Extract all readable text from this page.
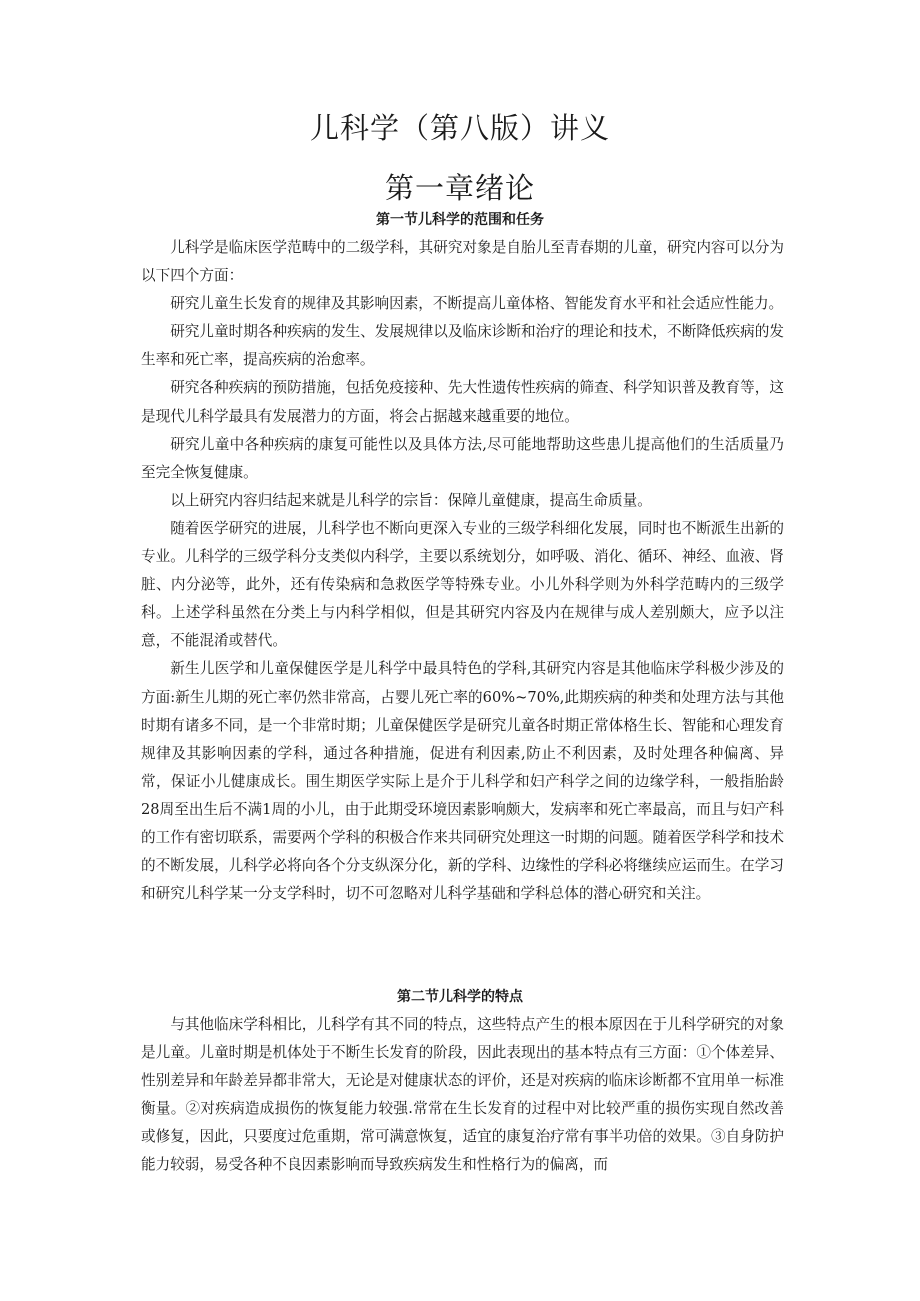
儿科学（第八版）讲义
第一章绪论
第一节儿科学的范围和任务

儿科学是临床医学范畴中的二级学科，其研究对象是自胎儿至青春期的儿童，研究内容可以分为以下四个方面：

研究儿童生长发育的规律及其影响因素，不断提高儿童体格、智能发育水平和社会适应性能力。

研究儿童时期各种疾病的发生、发展规律以及临床诊断和治疗的理论和技术，不断降低疾病的发生率和死亡率，提高疾病的治愈率。

研究各种疾病的预防措施，包括免疫接种、先大性遗传性疾病的筛查、科学知识普及教育等，这是现代儿科学最具有发展潜力的方面，将会占据越来越重要的地位。

研究儿童中各种疾病的康复可能性以及具体方法,尽可能地帮助这些患儿提高他们的生活质量乃至完全恢复健康。

以上研究内容归结起来就是儿科学的宗旨：保障儿童健康，提高生命质量。

随着医学研究的进展，儿科学也不断向更深入专业的三级学科细化发展，同时也不断派生出新的专业。儿科学的三级学科分支类似内科学，主要以系统划分，如呼吸、消化、循环、神经、血液、肾脏、内分泌等，此外，还有传染病和急救医学等特殊专业。小儿外科学则为外科学范畴内的三级学科。上述学科虽然在分类上与内科学相似，但是其研究内容及内在规律与成人差别颇大，应予以注意，不能混淆或替代。

新生儿医学和儿童保健医学是儿科学中最具特色的学科,其研究内容是其他临床学科极少涉及的方面:新生儿期的死亡率仍然非常高，占婴儿死亡率的60%~70%,此期疾病的种类和处理方法与其他时期有诸多不同，是一个非常时期；儿童保健医学是研究儿童各时期正常体格生长、智能和心理发育规律及其影响因素的学科，通过各种措施，促进有利因素,防止不利因素，及时处理各种偏离、异常，保证小儿健康成长。围生期医学实际上是介于儿科学和妇产科学之间的边缘学科，一般指胎龄28周至出生后不满1周的小儿，由于此期受环境因素影响颇大，发病率和死亡率最高，而且与妇产科的工作有密切联系，需要两个学科的积极合作来共同研究处理这一时期的问题。随着医学科学和技术的不断发展，儿科学必将向各个分支纵深分化，新的学科、边缘性的学科必将继续应运而生。在学习和研究儿科学某一分支学科时，切不可忽略对儿科学基础和学科总体的潜心研究和关注。

第二节儿科学的特点

与其他临床学科相比，儿科学有其不同的特点，这些特点产生的根本原因在于儿科学研究的对象是儿童。儿童时期是机体处于不断生长发育的阶段，因此表现出的基本特点有三方面：①个体差异、性别差异和年龄差异都非常大，无论是对健康状态的评价，还是对疾病的临床诊断都不宜用单一标准衡量。②对疾病造成损伤的恢复能力较强.常常在生长发育的过程中对比较严重的损伤实现自然改善或修复，因此，只要度过危重期，常可满意恢复，适宜的康复治疗常有事半功倍的效果。③自身防护能力较弱，易受各种不良因素影响而导致疾病发生和性格行为的偏离，而
